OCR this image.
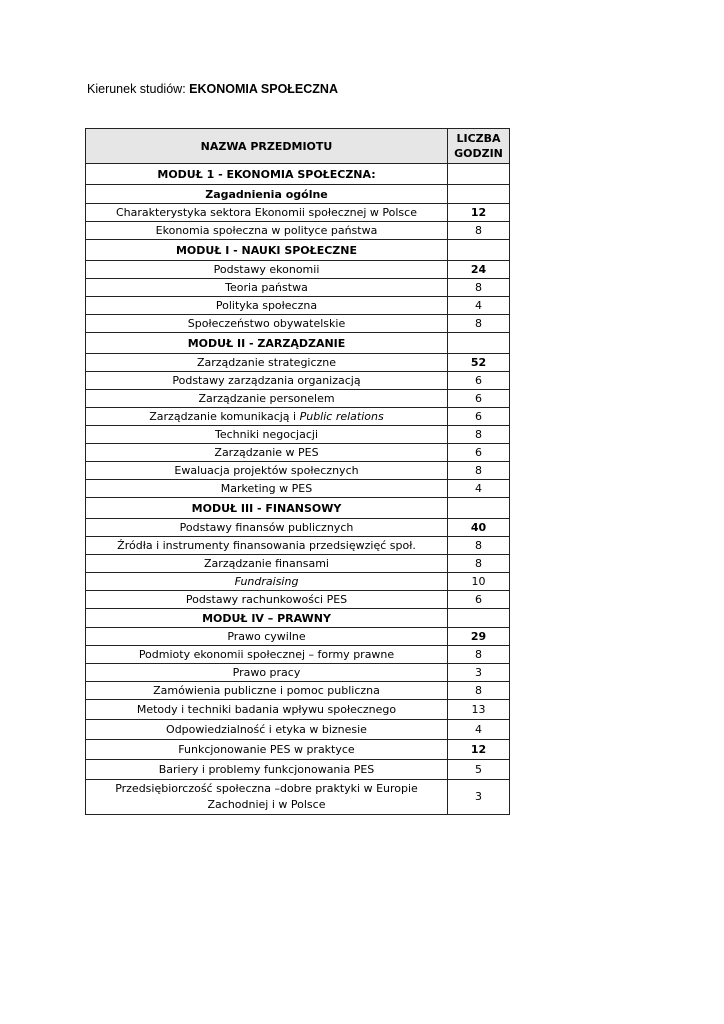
Kierunek studiów: EKONOMIA SPOŁECZNA
NAZWA PRZEDMIOTU	LICZBA
GODZIN
MODUŁ 1 - EKONOMIA SPOŁECZNA:	
Zagadnienia ogólne	
Charakterystyka sektora Ekonomii społecznej w Polsce	12
Ekonomia społeczna w polityce państwa	8
MODUŁ I - NAUKI SPOŁECZNE	
Podstawy ekonomii	24
Teoria państwa	8
Polityka społeczna	4
Społeczeństwo obywatelskie	8
MODUŁ II - ZARZĄDZANIE	
Zarządzanie strategiczne	52
Podstawy zarządzania organizacją	6
Zarządzanie personelem	6
Zarządzanie komunikacją i Public relations	6
Techniki negocjacji	8
Zarządzanie w PES	6
Ewaluacja projektów społecznych	8
Marketing w PES	4
MODUŁ III - FINANSOWY	
Podstawy finansów publicznych	40
Źródła i instrumenty finansowania przedsięwzięć społ.	8
Zarządzanie finansami	8
Fundraising	10
Podstawy rachunkowości PES	6
MODUŁ IV – PRAWNY	
Prawo cywilne	29
Podmioty ekonomii społecznej – formy prawne	8
Prawo pracy	3
Zamówienia publiczne i pomoc publiczna	8
Metody i techniki badania wpływu społecznego	13
Odpowiedzialność i etyka w biznesie	4
Funkcjonowanie PES w praktyce	12
Bariery i problemy funkcjonowania PES	5
Przedsiębiorczość społeczna –dobre praktyki w Europie Zachodniej i w Polsce	3
